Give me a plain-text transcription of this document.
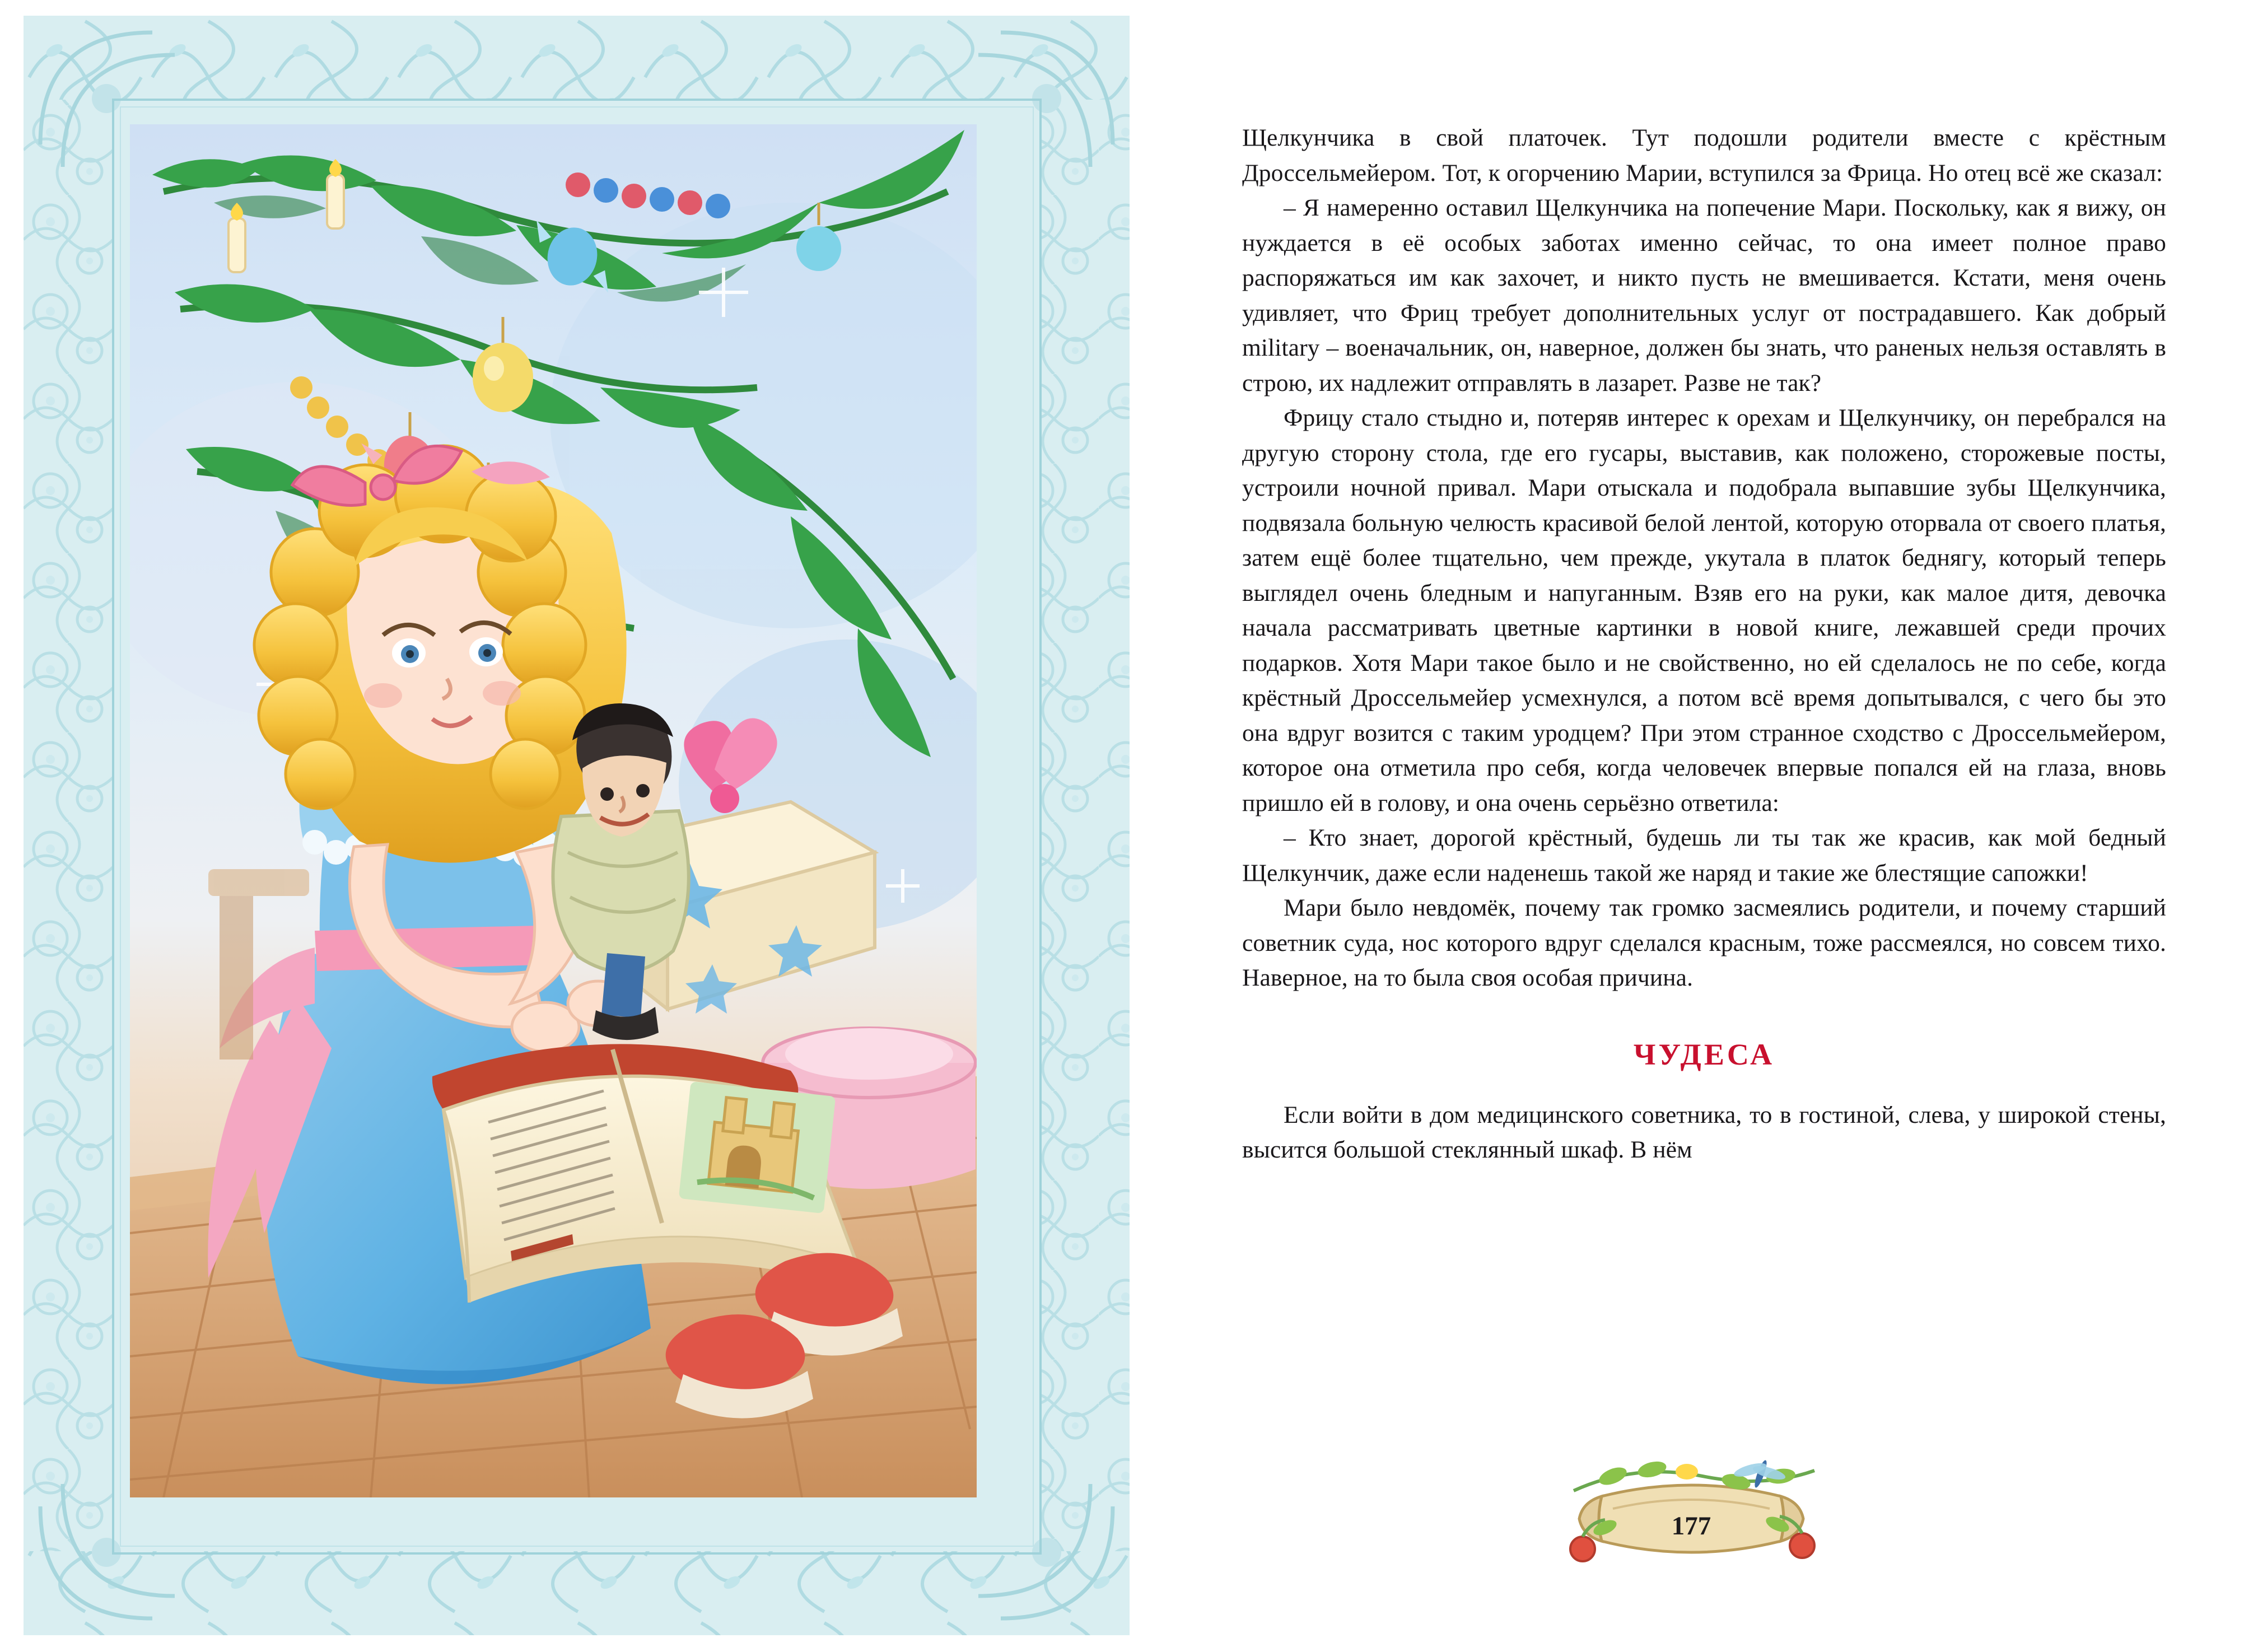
Щелкунчика в свой платочек. Тут подошли родители вместе с крёстным Дроссельмейером. Тот, к огорчению Марии, вступился за Фрица. Но отец всё же сказал:

– Я намеренно оставил Щелкунчика на попечение Мари. Поскольку, как я вижу, он нуждается в её особых заботах именно сейчас, то она имеет полное право распоряжаться им как захочет, и никто пусть не вмешивается. Кстати, меня очень удивляет, что Фриц требует дополнительных услуг от пострадавшего. Как добрый military – военачальник, он, наверное, должен бы знать, что раненых нельзя оставлять в строю, их надлежит отправлять в лазарет. Разве не так?

Фрицу стало стыдно и, потеряв интерес к орехам и Щелкунчику, он перебрался на другую сторону стола, где его гусары, выставив, как положено, сторожевые посты, устроили ночной привал. Мари отыскала и подобрала выпавшие зубы Щелкунчика, подвязала больную челюсть красивой белой лентой, которую оторвала от своего платья, затем ещё более тщательно, чем прежде, укутала в платок беднягу, который теперь выглядел очень бледным и напуганным. Взяв его на руки, как малое дитя, девочка начала рассматривать цветные картинки в новой книге, лежавшей среди прочих подарков. Хотя Мари такое было и не свойственно, но ей сделалось не по себе, когда крёстный Дроссельмейер усмехнулся, а потом всё время допытывался, с чего бы это она вдруг возится с таким уродцем? При этом странное сходство с Дроссельмейером, которое она отметила про себя, когда человечек впервые попался ей на глаза, вновь пришло ей в голову, и она очень серьёзно ответила:

– Кто знает, дорогой крёстный, будешь ли ты так же красив, как мой бедный Щелкунчик, даже если наденешь такой же наряд и такие же блестящие сапожки!

Мари было невдомёк, почему так громко засмеялись родители, и почему старший советник суда, нос которого вдруг сделался красным, тоже рассмеялся, но совсем тихо. Наверное, на то была своя особая причина.

ЧУДЕСА

Если войти в дом медицинского советника, то в гостиной, слева, у широкой стены, высится большой стеклянный шкаф. В нём

177
